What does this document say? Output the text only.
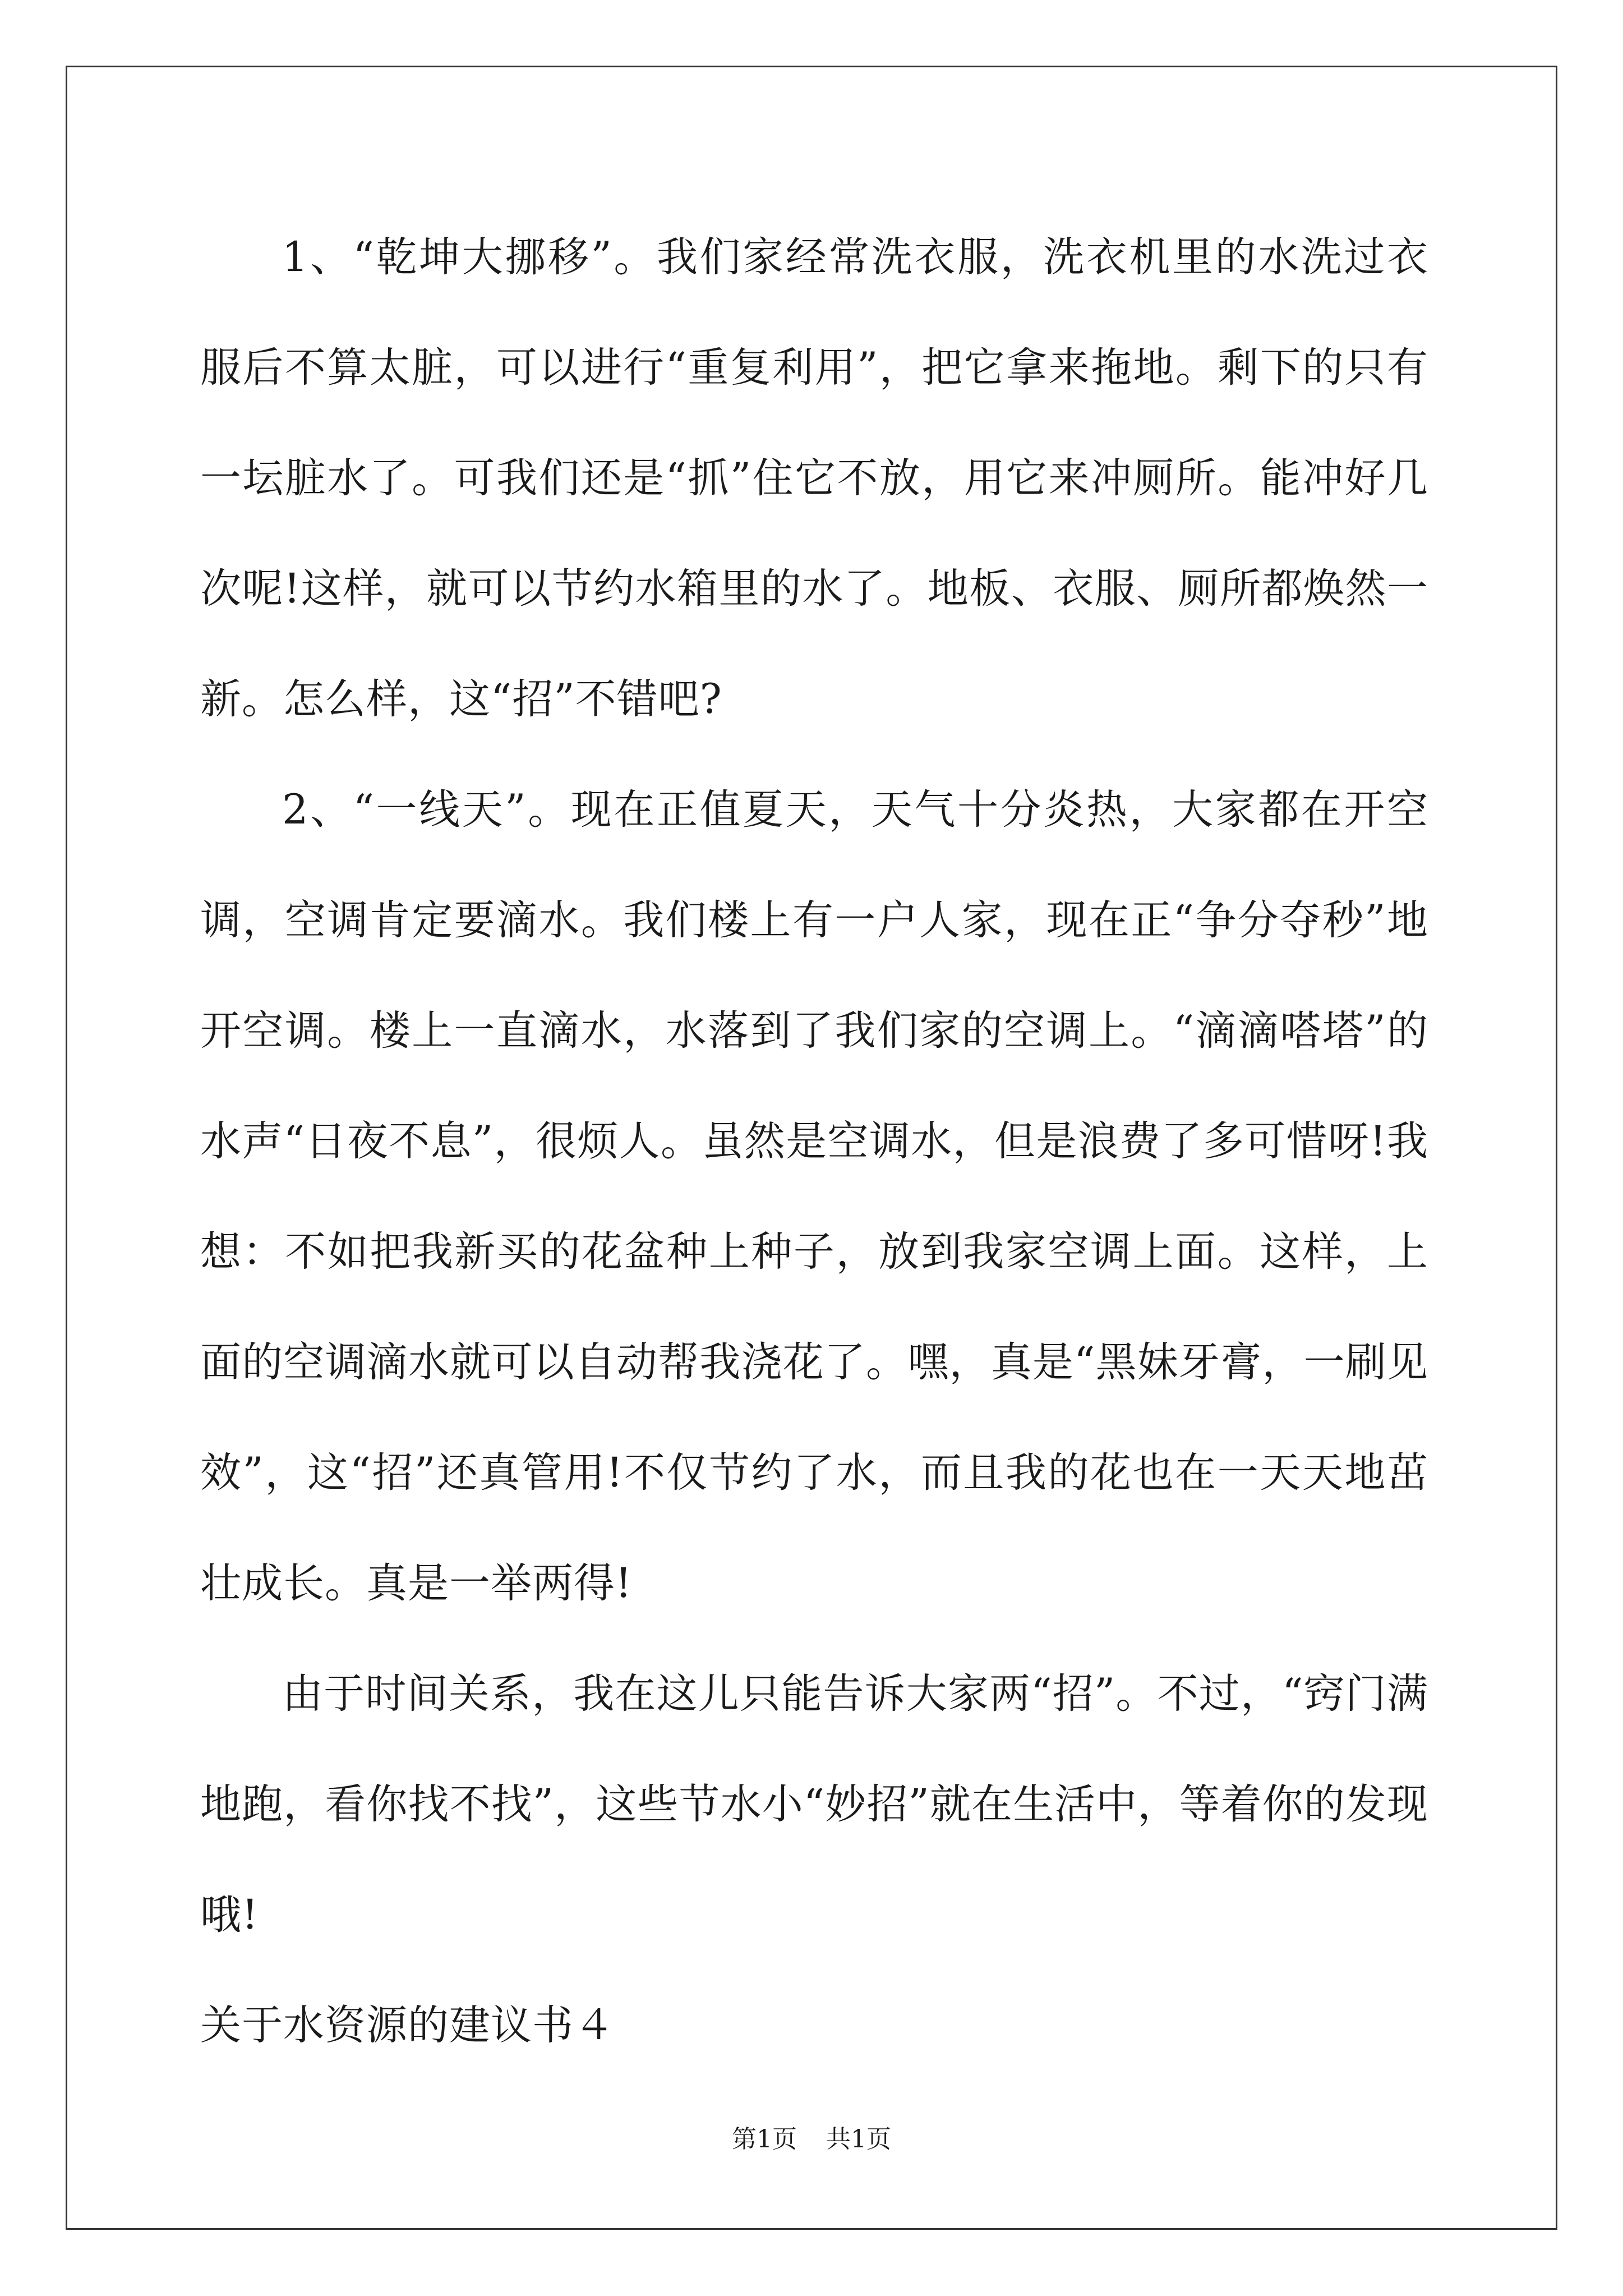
1、“乾坤大挪移”。我们家经常洗衣服，洗衣机里的水洗过衣服后不算太脏，可以进行“重复利用”，把它拿来拖地。剩下的只有一坛脏水了。可我们还是“抓”住它不放，用它来冲厕所。能冲好几次呢!这样，就可以节约水箱里的水了。地板、衣服、厕所都焕然一新。怎么样，这“招”不错吧?

2、“一线天”。现在正值夏天，天气十分炎热，大家都在开空调，空调肯定要滴水。我们楼上有一户人家，现在正“争分夺秒”地开空调。楼上一直滴水，水落到了我们家的空调上。“滴滴嗒塔”的水声“日夜不息”，很烦人。虽然是空调水，但是浪费了多可惜呀!我想：不如把我新买的花盆种上种子，放到我家空调上面。这样，上面的空调滴水就可以自动帮我浇花了。嘿，真是“黑妹牙膏，一刷见效”，这“招”还真管用!不仅节约了水，而且我的花也在一天天地茁壮成长。真是一举两得!

由于时间关系，我在这儿只能告诉大家两“招”。不过，“窍门满地跑，看你找不找”，这些节水小“妙招”就在生活中，等着你的发现哦!

关于水资源的建议书４

第1页 共1页
